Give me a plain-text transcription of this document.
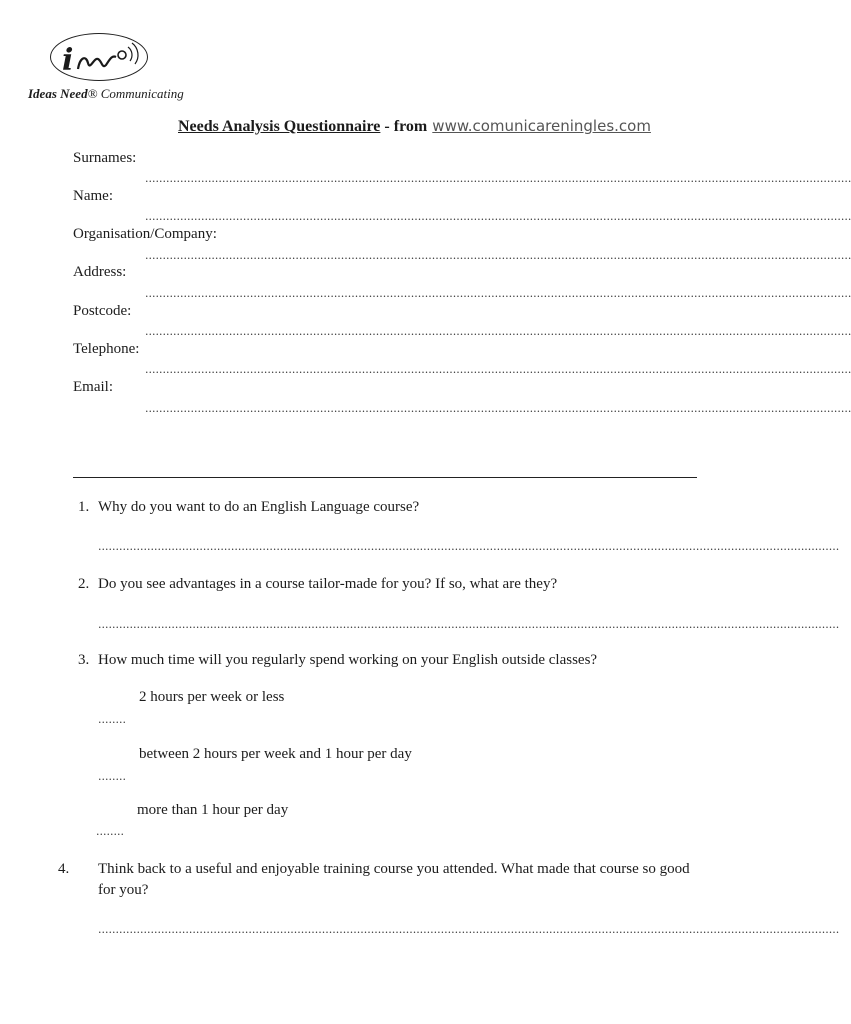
i
Ideas Need® Communicating
Needs Analysis Questionnaire - from www.comunicareningles.com
Surnames:
..........................................................................................................................................................................................................
Name:
..........................................................................................................................................................................................................
Organisation/Company:
..........................................................................................................................................................................................................
Address:
..........................................................................................................................................................................................................
Postcode:
..........................................................................................................................................................................................................
Telephone:
..........................................................................................................................................................................................................
Email:
..........................................................................................................................................................................................................
1. Why do you want to do an English Language course?
....................................................................................................................................................................................................................
2. Do you see advantages in a course tailor-made for you? If so, what are they?
....................................................................................................................................................................................................................
3. How much time will you regularly spend working on your English outside classes?
2 hours per week or less
........
between 2 hours per week and 1 hour per day
........
more than 1 hour per day
........
4. Think back to a useful and enjoyable training course you attended. What made that course so good for you?
....................................................................................................................................................................................................................
